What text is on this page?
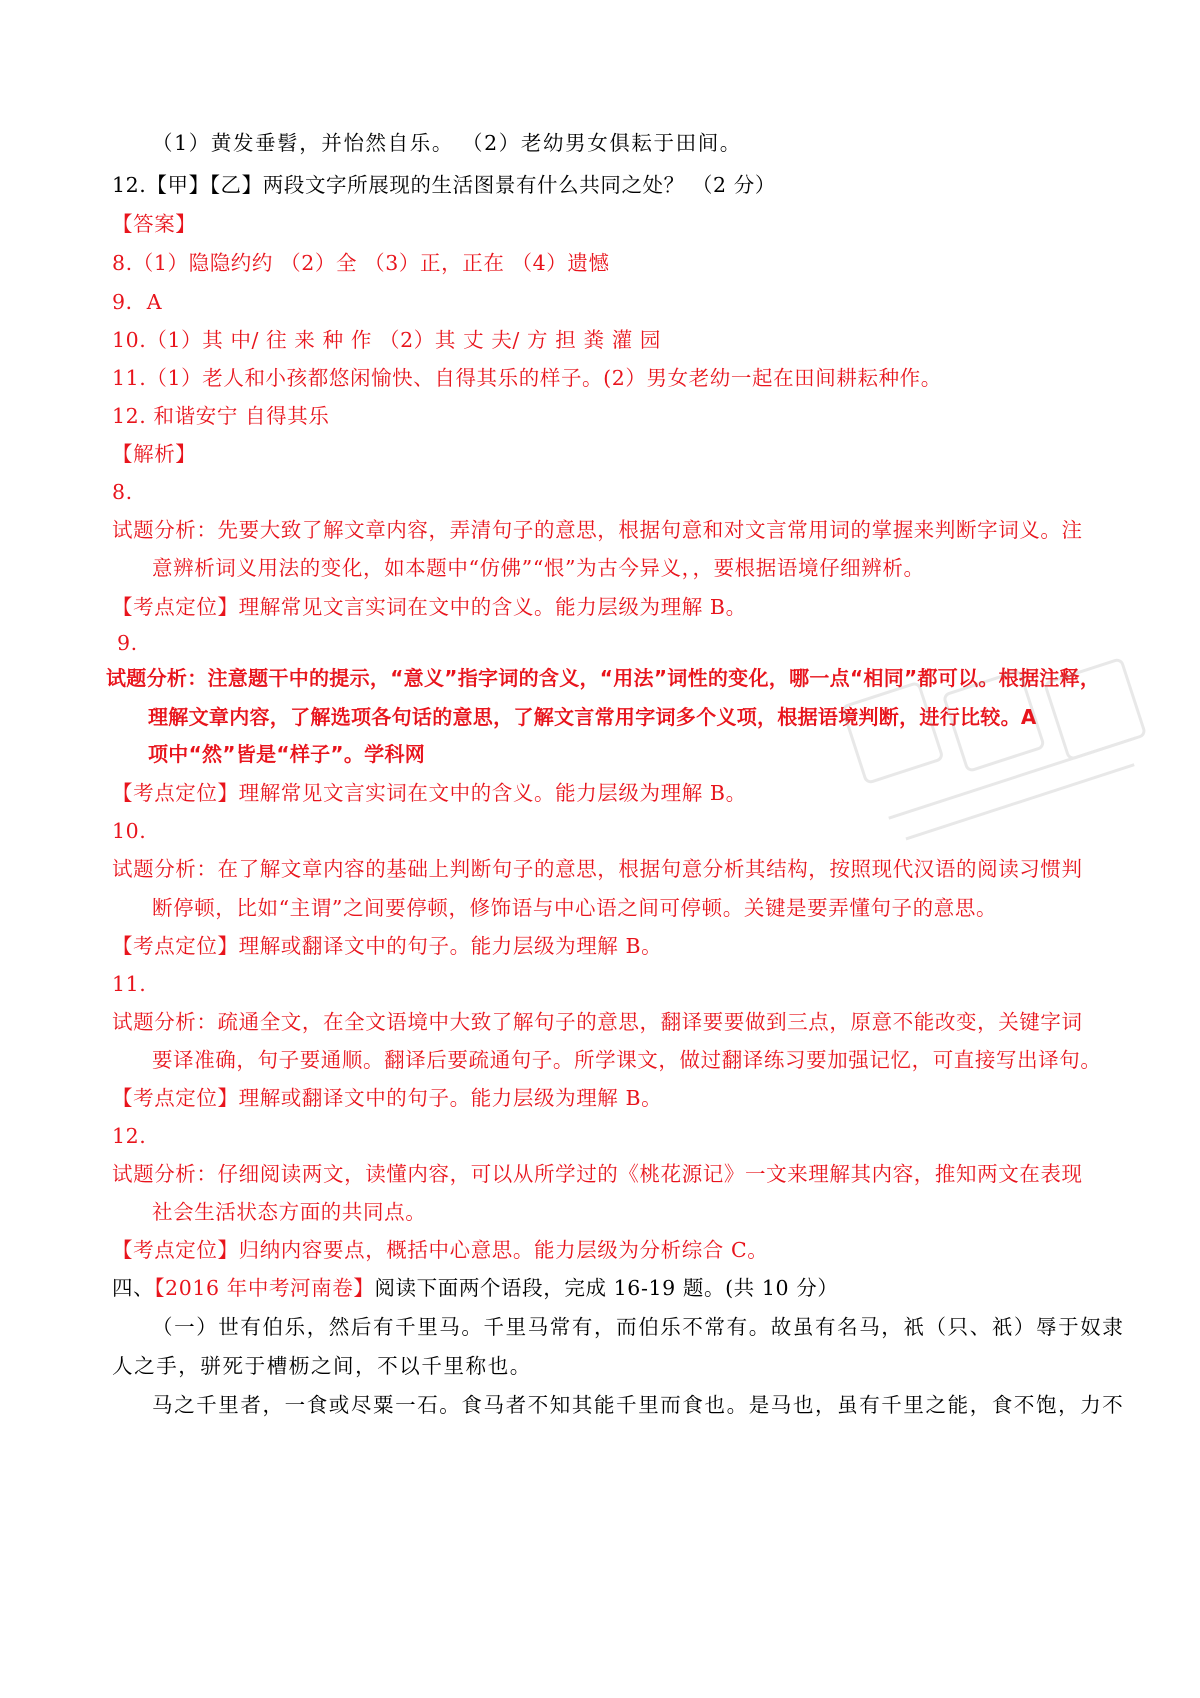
（1）黄发垂髫，并怡然自乐。 （2）老幼男女俱耘于田间。
12.【甲】【乙】两段文字所展现的生活图景有什么共同之处？ （2 分）
【答案】
8.（1）隐隐约约 （2）全 （3）正，正在 （4）遗憾
9．A
10.（1）其 中/ 往 来 种 作 （2）其 丈 夫/ 方 担 粪 灌 园
11.（1）老人和小孩都悠闲愉快、自得其乐的样子。(2）男女老幼一起在田间耕耘种作。
12. 和谐安宁 自得其乐
【解析】
8.
试题分析：先要大致了解文章内容，弄清句子的意思，根据句意和对文言常用词的掌握来判断字词义。注
意辨析词义用法的变化，如本题中“仿佛”“恨”为古今异义，，要根据语境仔细辨析。
【考点定位】理解常见文言实词在文中的含义。能力层级为理解 B。
9.
试题分析：注意题干中的提示，“意义”指字词的含义，“用法”词性的变化，哪一点“相同”都可以。根据注释，
理解文章内容，了解选项各句话的意思，了解文言常用字词多个义项，根据语境判断，进行比较。A
项中“然”皆是“样子”。学科网
【考点定位】理解常见文言实词在文中的含义。能力层级为理解 B。
10.
试题分析：在了解文章内容的基础上判断句子的意思，根据句意分析其结构，按照现代汉语的阅读习惯判
断停顿，比如“主谓”之间要停顿，修饰语与中心语之间可停顿。关键是要弄懂句子的意思。
【考点定位】理解或翻译文中的句子。能力层级为理解 B。
11.
试题分析：疏通全文，在全文语境中大致了解句子的意思，翻译要要做到三点，原意不能改变，关键字词
要译准确，句子要通顺。翻译后要疏通句子。所学课文，做过翻译练习要加强记忆，可直接写出译句。
【考点定位】理解或翻译文中的句子。能力层级为理解 B。
12.
试题分析：仔细阅读两文，读懂内容，可以从所学过的《桃花源记》一文来理解其内容，推知两文在表现
社会生活状态方面的共同点。
【考点定位】归纳内容要点，概括中心意思。能力层级为分析综合 C。
四、【2016 年中考河南卷】阅读下面两个语段，完成 16-19 题。(共 10 分）
（一）世有伯乐，然后有千里马。千里马常有，而伯乐不常有。故虽有名马，祇（只、祇）辱于奴隶
人之手，骈死于槽枥之间，不以千里称也。
马之千里者，一食或尽粟一石。食马者不知其能千里而食也。是马也，虽有千里之能，食不饱，力不
